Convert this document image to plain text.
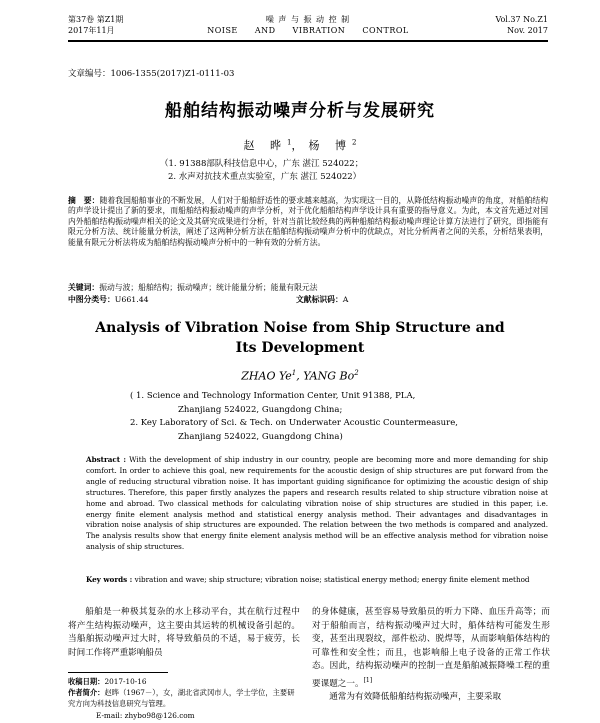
第37卷 第Z1期
2017年11月
噪 声 与 振 动 控 制
NOISE AND VIBRATION CONTROL
Vol.37 No.Z1
Nov. 2017
文章编号：1006-1355(2017)Z1-0111-03
船舶结构振动噪声分析与发展研究
赵 晔$^1$，杨 博$^2$
（1. 91388部队科技信息中心，广东 湛江 524022；
2. 水声对抗技术重点实验室，广东 湛江 524022）
摘　要：随着我国船舶事业的不断发展，人们对于船舶舒适性的要求越来越高，为实现这一目的，从降低结构振动噪声的角度，对船舶结构的声学设计提出了新的要求，而船舶结构振动噪声的声学分析，对于优化船舶结构声学设计具有重要的指导意义。为此，本文首先通过对国内外船舶结构振动噪声相关的论文及其研究成果进行分析，针对当前比较经典的两种船舶结构振动噪声理论计算方法进行了研究，即指能有限元分析方法、统计能量分析法，阐述了这两种分析方法在船舶结构振动噪声分析中的优缺点，对比分析两者之间的关系，分析结果表明，能量有限元分析法将成为船舶结构振动噪声分析中的一种有效的分析方法。
关键词：振动与波；船舶结构；振动噪声；统计能量分析；能量有限元法
中图分类号：U661.44	文献标识码：A
Analysis of Vibration Noise from Ship Structure and
Its Development
ZHAO Ye$^1$, YANG Bo$^2$
( 1. Science and Technology Information Center, Unit 91388, PLA,
Zhanjiang 524022, Guangdong China;
2. Key Laboratory of Sci. & Tech. on Underwater Acoustic Countermeasure,
Zhanjiang 524022, Guangdong China)
Abstract : With the development of ship industry in our country, people are becoming more and more demanding for ship comfort. In order to achieve this goal, new requirements for the acoustic design of ship structures are put forward from the angle of reducing structural vibration noise. It has important guiding significance for optimizing the acoustic design of ship structures. Therefore, this paper firstly analyzes the papers and research results related to ship structure vibration noise at home and abroad. Two classical methods for calculating vibration noise of ship structures are studied in this paper, i.e. energy finite element analysis method and statistical energy analysis method. Their advantages and disadvantages in vibration noise analysis of ship structures are expounded. The relation between the two methods is compared and analyzed. The analysis results show that energy finite element analysis method will be an effective analysis method for vibration noise analysis of ship structures.
Key words : vibration and wave; ship structure; vibration noise; statistical energy method; energy finite element method
船舶是一种极其复杂的水上移动平台，其在航行过程中将产生结构振动噪声，这主要由其运转的机械设备引起的。当船舶振动噪声过大时，将导致船员的不适，易于疲劳，长时间工作将严重影响船员
的身体健康，甚至容易导致船员的听力下降、血压升高等；而对于船舶而言，结构振动噪声过大时，船体结构可能发生形变，甚至出现裂纹，部件松动、脱焊等，从而影响船体结构的可靠性和安全性；而且，也影响船上电子设备的正常工作状态。因此，结构振动噪声的控制一直是船舶减振降噪工程的重要课题之一。[1]
通常为有效降低船舶结构振动噪声，主要采取
收稿日期：2017-10-16
作者简介：赵晔（1967－），女，湖北省武冈市人，学士学位，主要研究方向为科技信息研究与管理。
E-mail: zhybo98@126.com
